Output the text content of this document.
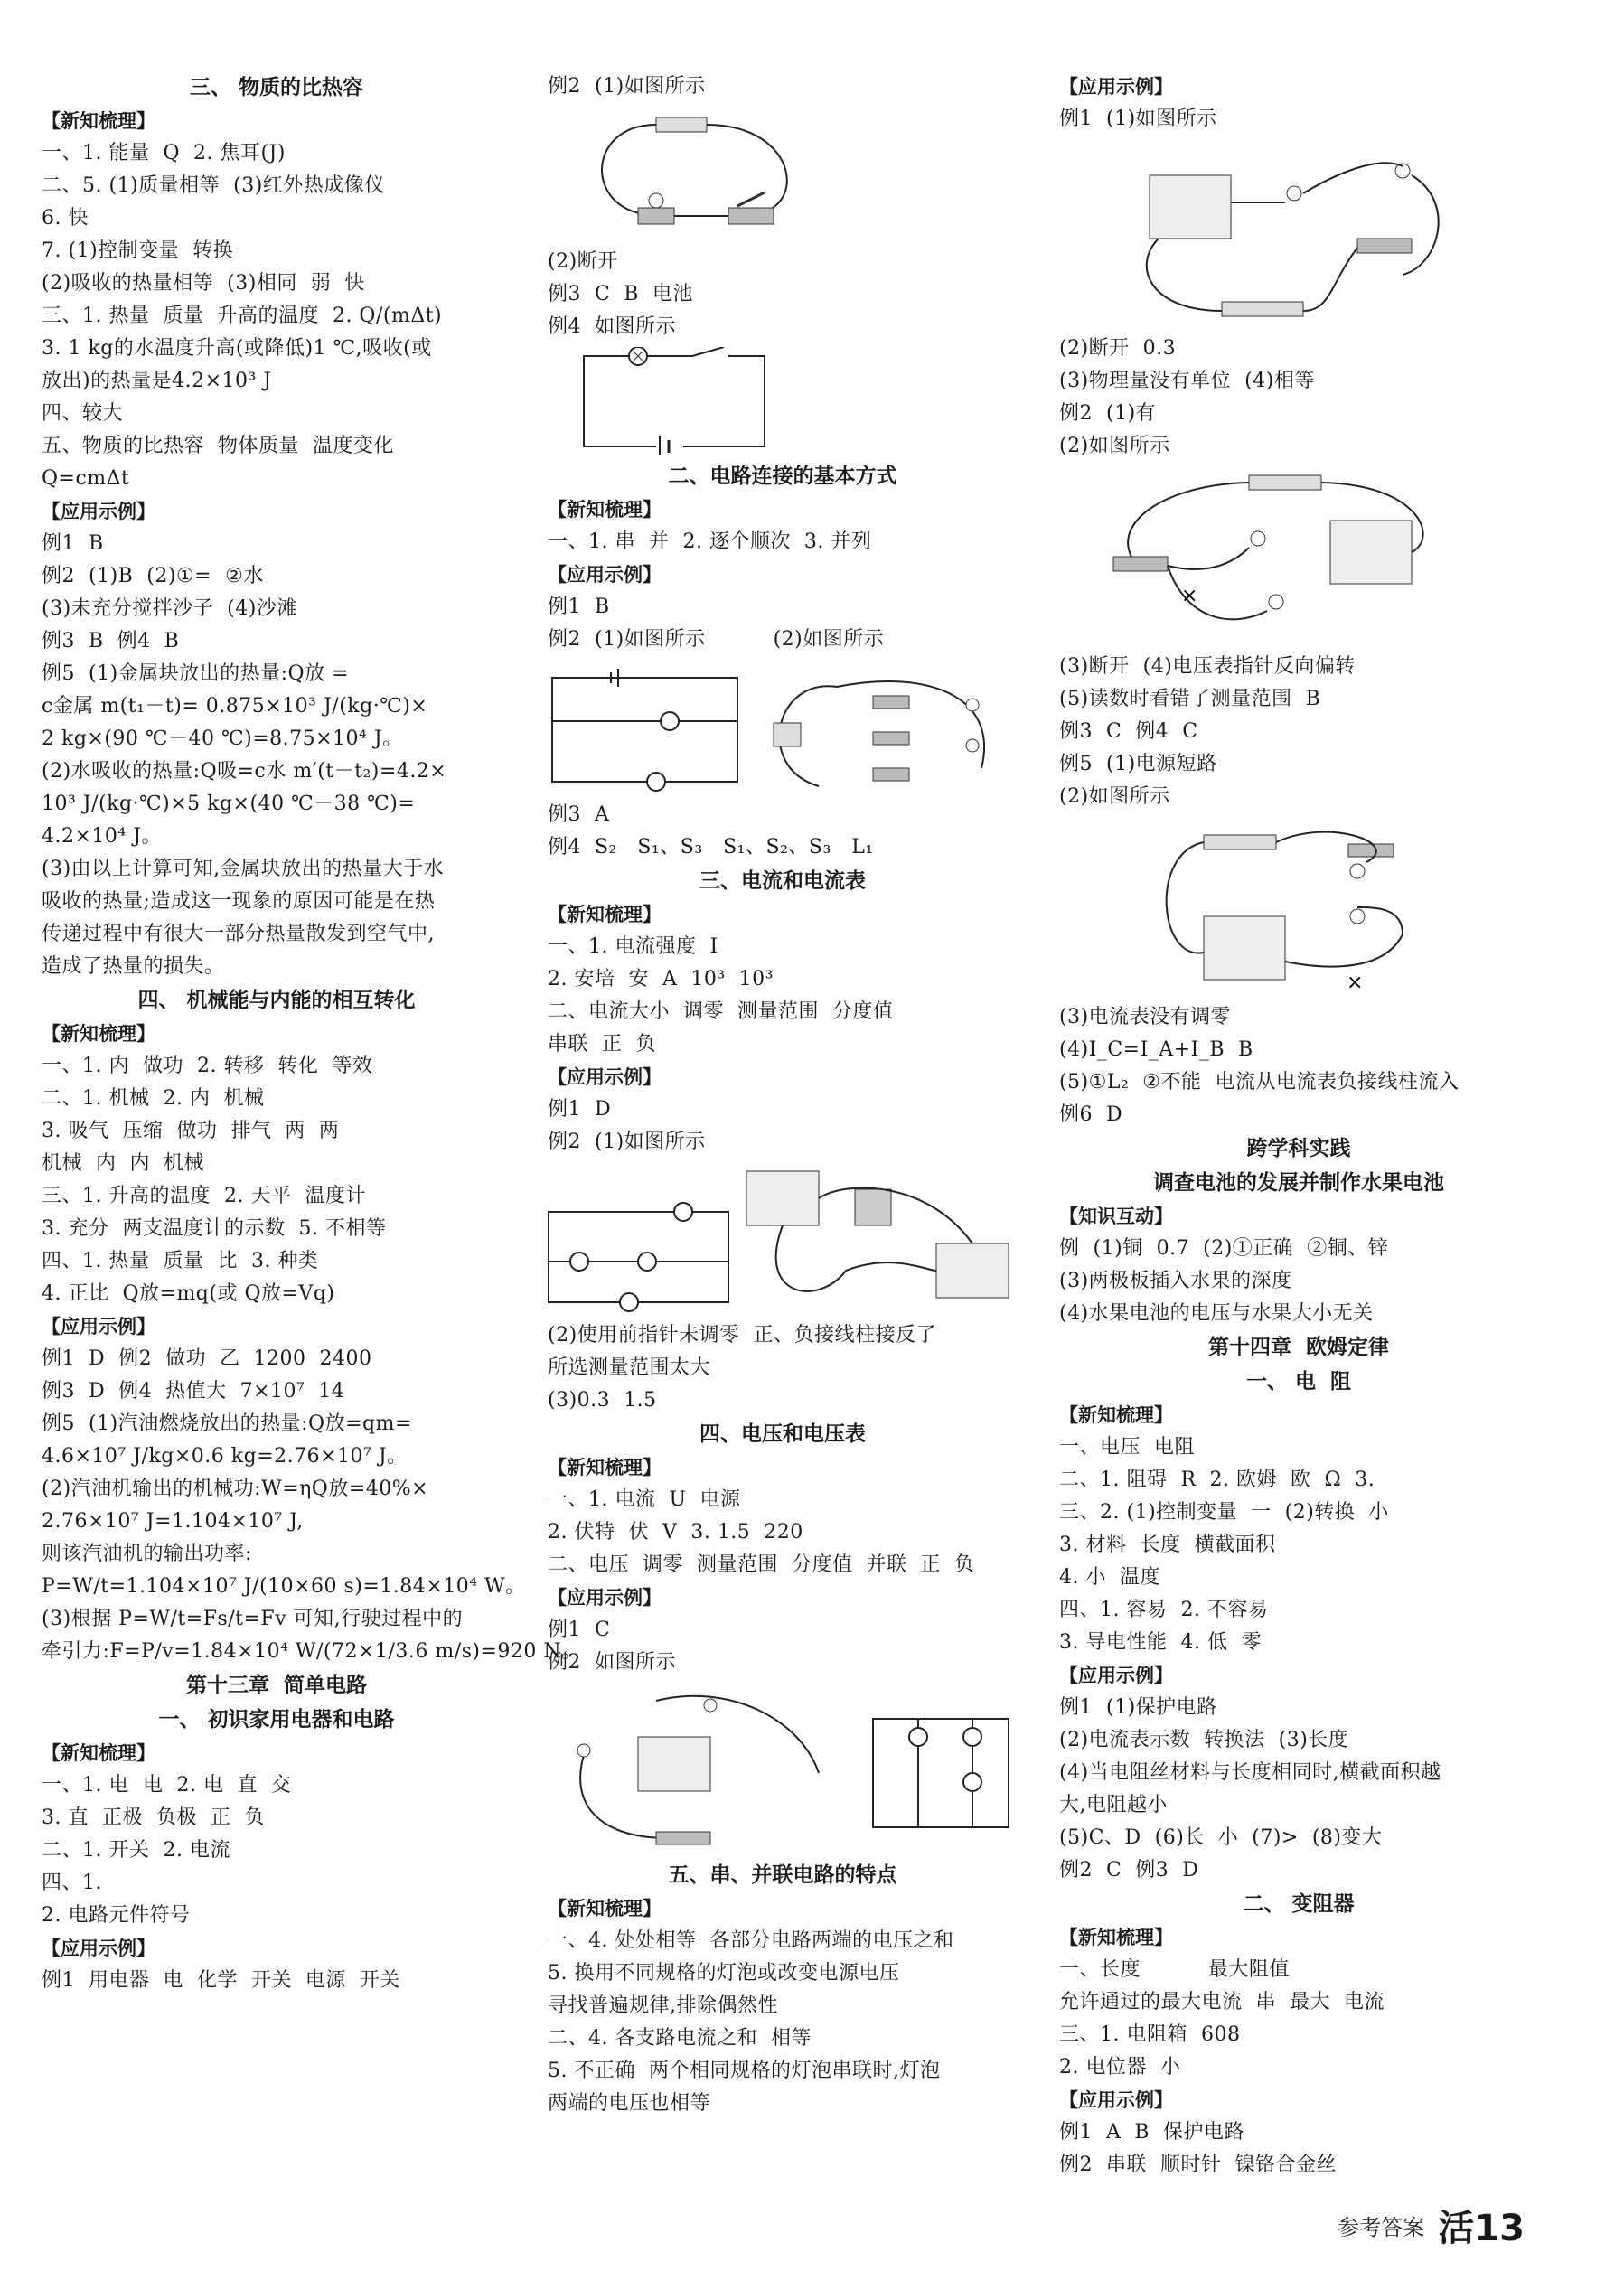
三、 物质的比热容
【新知梳理】
一、1. 能量  Q  2. 焦耳(J)
二、5. (1)质量相等  (3)红外热成像仪
6. 快
7. (1)控制变量  转换
(2)吸收的热量相等  (3)相同  弱  快
三、1. 热量  质量  升高的温度  2. Q/(mΔt)
3. 1 kg的水温度升高(或降低)1 ℃,吸收(或
放出)的热量是4.2×10³ J
四、较大
五、物质的比热容  物体质量  温度变化
Q=cmΔt
【应用示例】
例1  B
例2  (1)B  (2)①=  ②水
(3)未充分搅拌沙子  (4)沙滩
例3  B  例4  B
例5  (1)金属块放出的热量:Q放 =
c金属 m(t₁－t)= 0.875×10³ J/(kg·℃)×
2 kg×(90 ℃－40 ℃)=8.75×10⁴ J。
(2)水吸收的热量:Q吸=c水 m′(t－t₂)=4.2×
10³ J/(kg·℃)×5 kg×(40 ℃－38 ℃)=
4.2×10⁴ J。
(3)由以上计算可知,金属块放出的热量大于水
吸收的热量;造成这一现象的原因可能是在热
传递过程中有很大一部分热量散发到空气中,
造成了热量的损失。
四、 机械能与内能的相互转化
【新知梳理】
一、1. 内  做功  2. 转移  转化  等效
二、1. 机械  2. 内  机械
3. 吸气  压缩  做功  排气  两  两
机械  内  内  机械
三、1. 升高的温度  2. 天平  温度计
3. 充分  两支温度计的示数  5. 不相等
四、1. 热量  质量  比  3. 种类
4. 正比  Q放=mq(或 Q放=Vq)
【应用示例】
例1  D  例2  做功  乙  1200  2400
例3  D  例4  热值大  7×10⁷  14
例5  (1)汽油燃烧放出的热量:Q放=qm=
4.6×10⁷ J/kg×0.6 kg=2.76×10⁷ J。
(2)汽油机输出的机械功:W=ηQ放=40%×
2.76×10⁷ J=1.104×10⁷ J,
则该汽油机的输出功率:
P=W/t=1.104×10⁷ J/(10×60 s)=1.84×10⁴ W。
(3)根据 P=W/t=Fs/t=Fv 可知,行驶过程中的
牵引力:F=P/v=1.84×10⁴ W/(72×1/3.6 m/s)=920 N。
第十三章  简单电路
一、 初识家用电器和电路
【新知梳理】
一、1. 电  电  2. 电  直  交
3. 直  正极  负极  正  负
二、1. 开关  2. 电流
四、1.
2. 电路元件符号
【应用示例】
例1  用电器  电  化学  开关  电源  开关
例2  (1)如图所示
(2)断开
例3  C  B  电池
例4  如图所示
二、电路连接的基本方式
【新知梳理】
一、1. 串  并  2. 逐个顺次  3. 并列
【应用示例】
例1  B
例2  (1)如图所示          (2)如图所示
例3  A
例4  S₂   S₁、S₃   S₁、S₂、S₃   L₁
三、电流和电流表
【新知梳理】
一、1. 电流强度  I
2. 安培  安  A  10³  10³
二、电流大小  调零  测量范围  分度值
串联  正  负
【应用示例】
例1  D
例2  (1)如图所示
(2)使用前指针未调零  正、负接线柱接反了
所选测量范围太大
(3)0.3  1.5
四、电压和电压表
【新知梳理】
一、1. 电流  U  电源
2. 伏特  伏  V  3. 1.5  220
二、电压  调零  测量范围  分度值  并联  正  负
【应用示例】
例1  C
例2  如图所示
五、串、并联电路的特点
【新知梳理】
一、4. 处处相等  各部分电路两端的电压之和
5. 换用不同规格的灯泡或改变电源电压
寻找普遍规律,排除偶然性
二、4. 各支路电流之和  相等
5. 不正确  两个相同规格的灯泡串联时,灯泡
两端的电压也相等
【应用示例】
例1  (1)如图所示
(2)断开  0.3
(3)物理量没有单位  (4)相等
例2  (1)有
(2)如图所示
×
(3)断开  (4)电压表指针反向偏转
(5)读数时看错了测量范围  B
例3  C  例4  C
例5  (1)电源短路
(2)如图所示
×
(3)电流表没有调零
(4)I_C=I_A+I_B  B
(5)①L₂  ②不能  电流从电流表负接线柱流入
例6  D
跨学科实践
调查电池的发展并制作水果电池
【知识互动】
例  (1)铜  0.7  (2)①正确  ②铜、锌
(3)两极板插入水果的深度
(4)水果电池的电压与水果大小无关
第十四章  欧姆定律
一、 电  阻
【新知梳理】
一、电压  电阻
二、1. 阻碍  R  2. 欧姆  欧  Ω  3.
三、2. (1)控制变量  一  (2)转换  小
3. 材料  长度  横截面积
4. 小  温度
四、1. 容易  2. 不容易
3. 导电性能  4. 低  零
【应用示例】
例1  (1)保护电路
(2)电流表示数  转换法  (3)长度
(4)当电阻丝材料与长度相同时,横截面积越
大,电阻越小
(5)C、D  (6)长  小  (7)>  (8)变大
例2  C  例3  D
二、 变阻器
【新知梳理】
一、长度          最大阻值
允许通过的最大电流  串  最大  电流
三、1. 电阻箱  608
2. 电位器  小
【应用示例】
例1  A  B  保护电路
例2  串联  顺时针  镍铬合金丝
参考答案 活13
